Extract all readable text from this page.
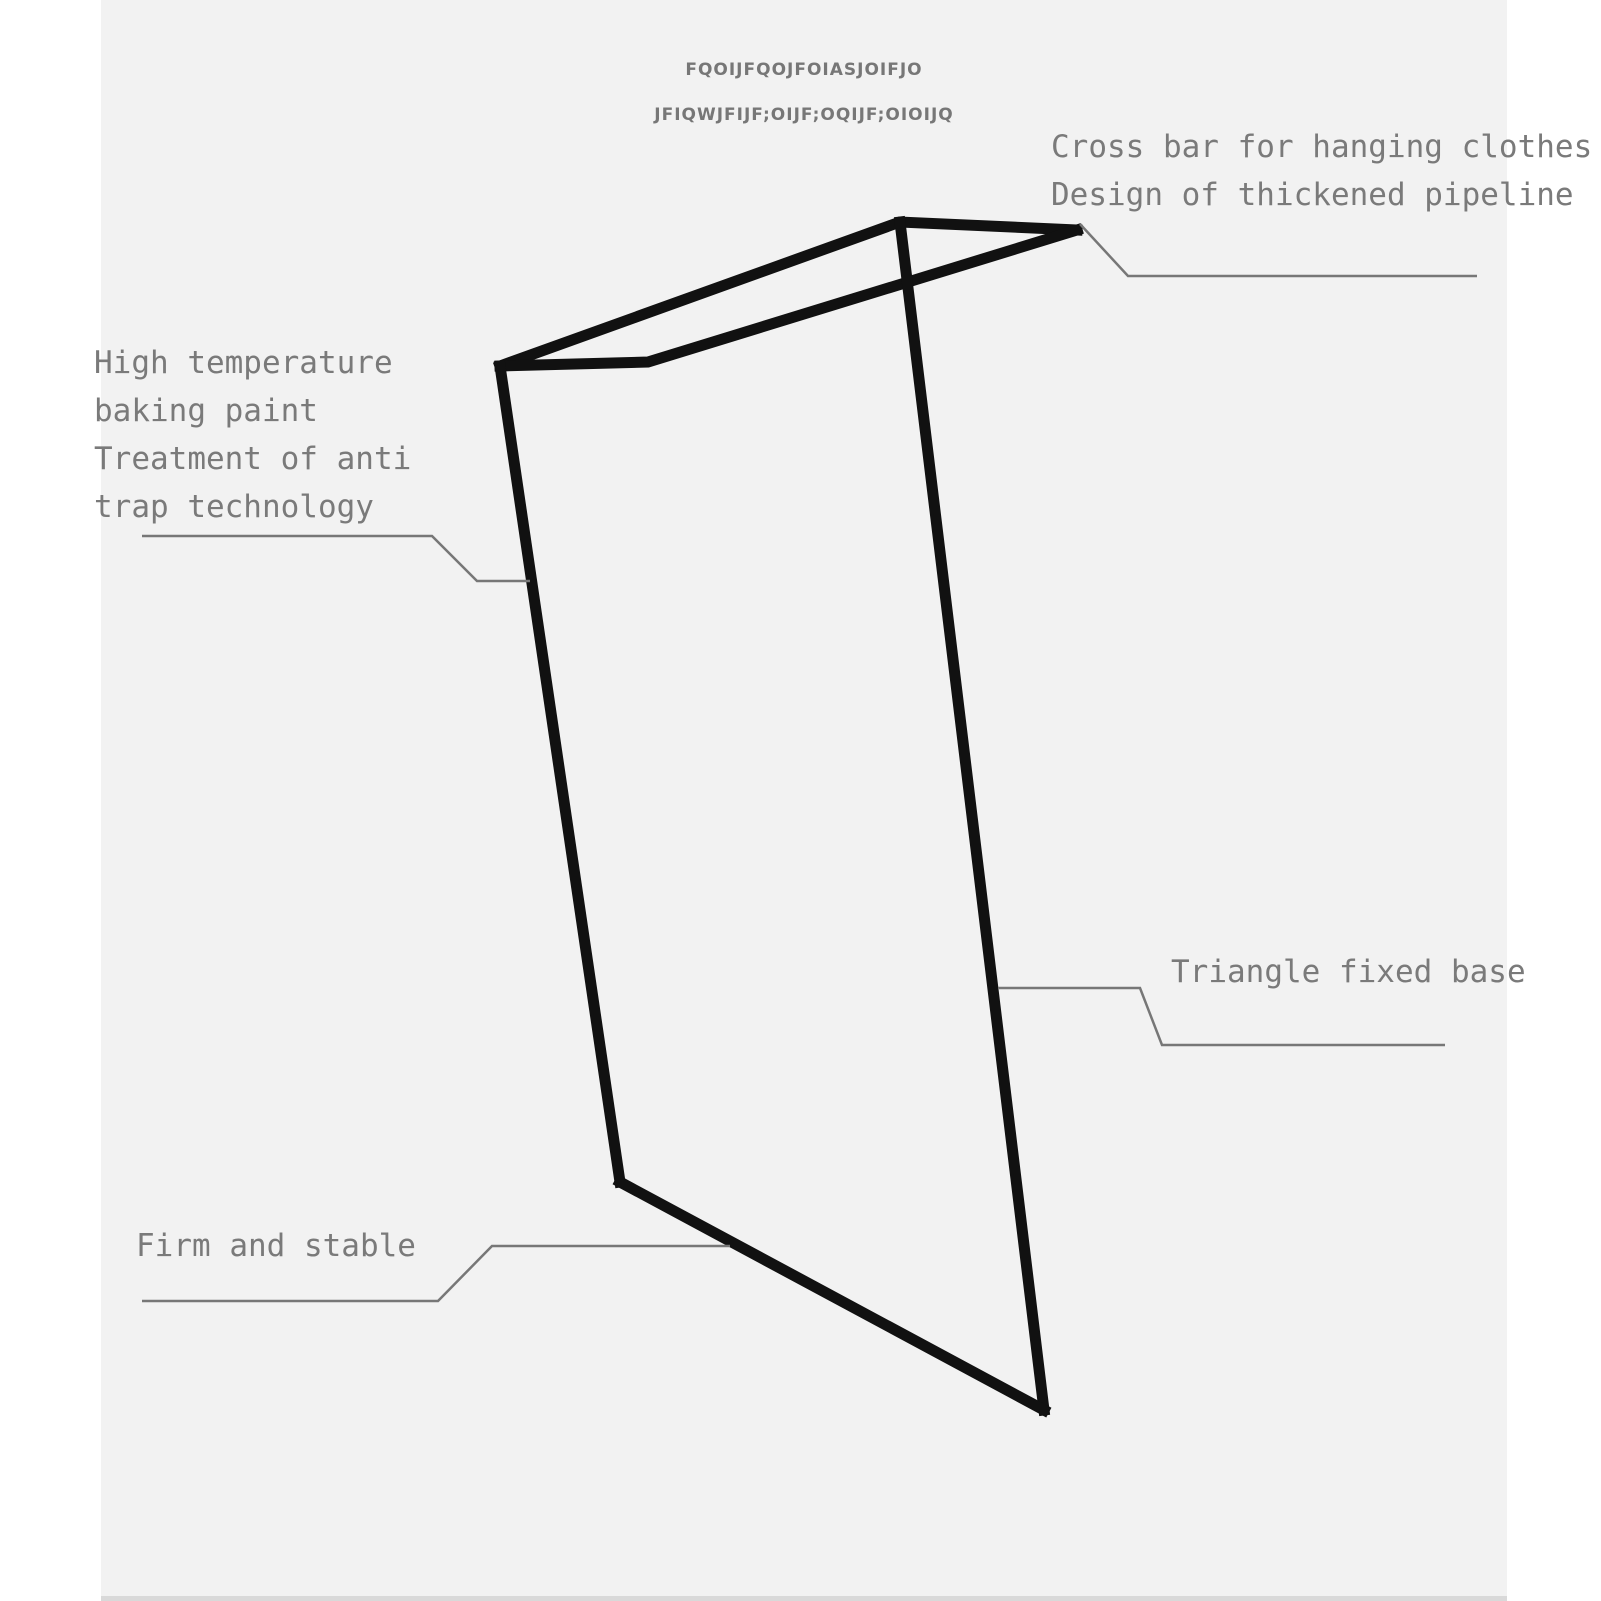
FQOIJFQOJFOIASJOIFJO
JFIQWJFIJF;OIJF;OQIJF;OIOIJQ
Cross bar for hanging clothes
Design of thickened pipeline
High temperature
baking paint
Treatment of anti
trap technology
Triangle fixed base
Firm and stable
